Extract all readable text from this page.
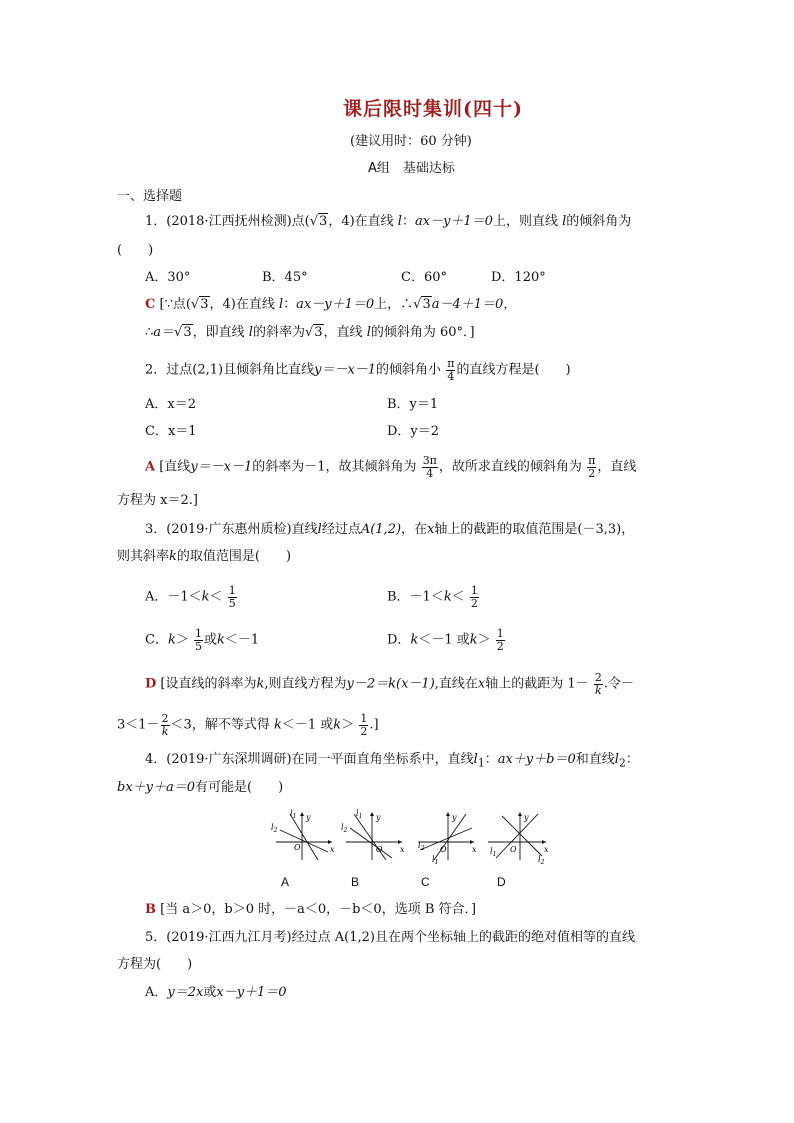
课后限时集训(四十)
(建议用时：60 分钟)
A组　基础达标
一、选择题
1．(2018·江西抚州检测)点(√3，4)在直线 l：ax－y＋1＝0上，则直线 l的倾斜角为
(　　)
A．30°	B．45°	C．60°	D．120°
C [∵点(√3，4)在直线 l：ax－y＋1＝0上，∴√3a－4＋1＝0，
∴a＝√3，即直线 l的斜率为√3，直线 l的倾斜角为 60°．]
2．过点(2,1)且倾斜角比直线y＝－x－1的倾斜角小 $\frac{\pi}{4}$ 的直线方程是(　　)
A．x＝2	B．y＝1
C．x＝1	D．y＝2
A [直线y＝－x－1的斜率为－1，故其倾斜角为 $\frac{3\pi}{4}$ ，故所求直线的倾斜角为 $\frac{\pi}{2}$ ，直线
方程为 x＝2.]
3．(2019·广东惠州质检)直线l经过点A(1,2)，在x轴上的截距的取值范围是(－3,3)，
则其斜率k的取值范围是(　　)
A．$-1<k< \frac{1}{5}$	B．$-1<k< \frac{1}{2}$
C．$k> \frac{1}{5}$ 或k＜－1	D．k＜－1 或$k> \frac{1}{2}$
D [设直线的斜率为k,则直线方程为y－2＝k(x－1),直线在x轴上的截距为 $1- \frac{2}{k}$.令－
$3<1- \frac{2}{k}<3$，解不等式得 k＜－1 或$k> \frac{1}{2}$ .]
4．(2019·广东深圳调研)在同一平面直角坐标系中，直线$l_1$：ax＋y＋b＝0和直线$l_2$：
bx＋y＋a＝0有可能是(　　)
$l_1$
$l_2$
y
x
O
$l_1$
$l_2$
y
x
O
$l_1$
$l_2$
y
x
O	$l_1$
$l_2$
y
x
O
A	B	C	D
B [当 a＞0，b＞0 时，－a＜0，－b＜0，选项 B 符合．]
5．(2019·江西九江月考)经过点 A(1,2)且在两个坐标轴上的截距的绝对值相等的直线
方程为(　　)
A．y＝2x或x－y＋1＝0
